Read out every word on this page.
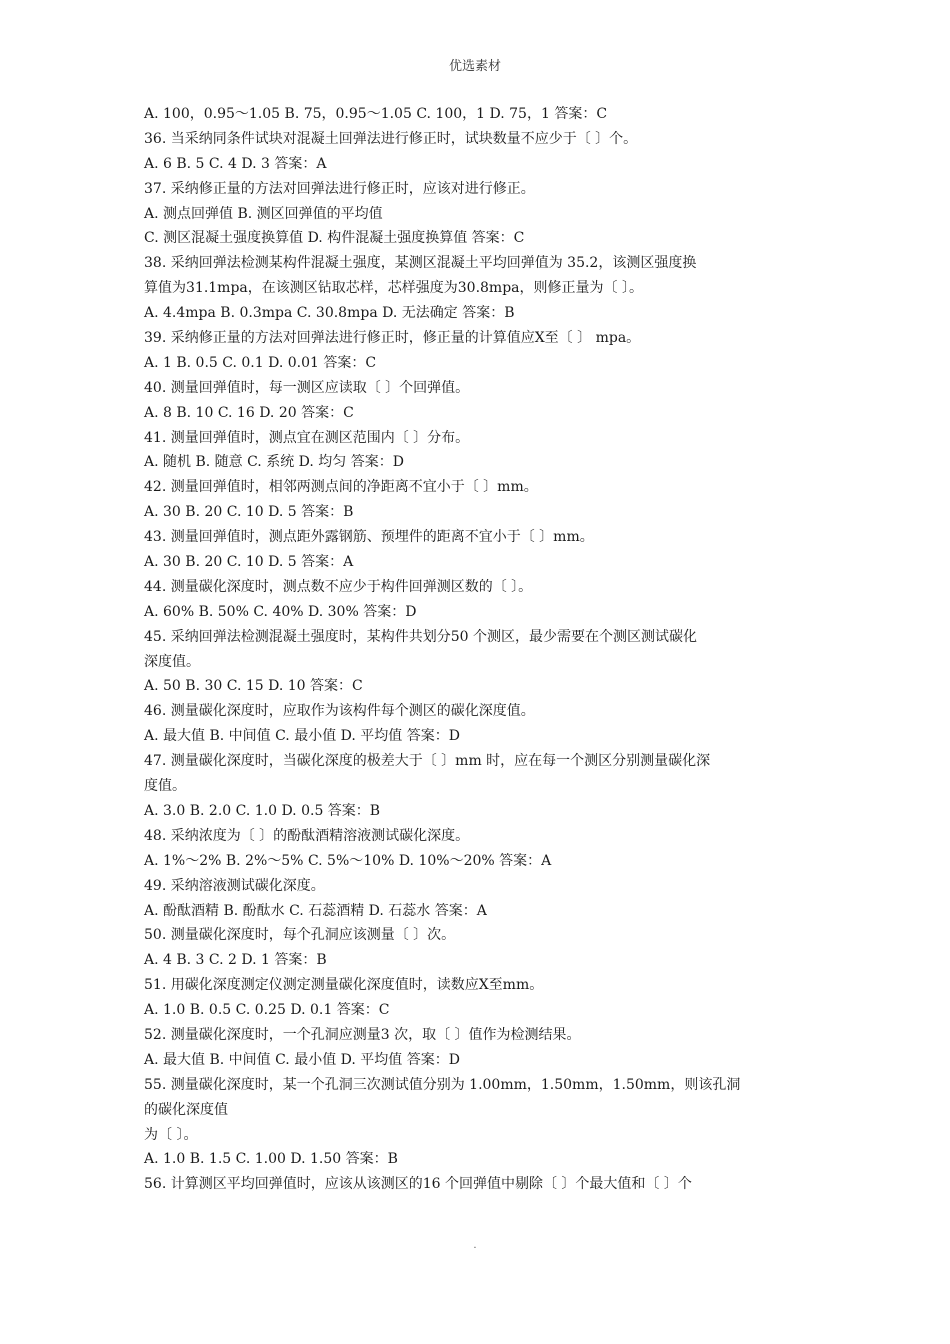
优选素材
A. 100，0.95～1.05 B. 75，0.95～1.05 C. 100，1 D. 75，1 答案：C
36. 当采纳同条件试块对混凝土回弹法进行修正时，试块数量不应少于〔 〕个。
A. 6 B. 5 C. 4 D. 3 答案：A
37. 采纳修正量的方法对回弹法进行修正时，应该对进行修正。
A. 测点回弹值 B. 测区回弹值的平均值
C. 测区混凝土强度换算值 D. 构件混凝土强度换算值 答案：C
38. 采纳回弹法检测某构件混凝土强度，某测区混凝土平均回弹值为 35.2，该测区强度换
算值为31.1mpa，在该测区钻取芯样，芯样强度为30.8mpa，则修正量为〔 〕。
A. 4.4mpa B. 0.3mpa C. 30.8mpa D. 无法确定 答案：B
39. 采纳修正量的方法对回弹法进行修正时，修正量的计算值应X至〔 〕 mpa。
A. 1 B. 0.5 C. 0.1 D. 0.01 答案：C
40. 测量回弹值时，每一测区应读取〔 〕个回弹值。
A. 8 B. 10 C. 16 D. 20 答案：C
41. 测量回弹值时，测点宜在测区范围内〔 〕分布。
A. 随机 B. 随意 C. 系统 D. 均匀 答案：D
42. 测量回弹值时，相邻两测点间的净距离不宜小于〔 〕mm。
A. 30 B. 20 C. 10 D. 5 答案：B
43. 测量回弹值时，测点距外露钢筋、预埋件的距离不宜小于〔 〕mm。
A. 30 B. 20 C. 10 D. 5 答案：A
44. 测量碳化深度时，测点数不应少于构件回弹测区数的〔 〕。
A. 60% B. 50% C. 40% D. 30% 答案：D
45. 采纳回弹法检测混凝土强度时，某构件共划分50 个测区，最少需要在个测区测试碳化
深度值。
A. 50 B. 30 C. 15 D. 10 答案：C
46. 测量碳化深度时，应取作为该构件每个测区的碳化深度值。
A. 最大值 B. 中间值 C. 最小值 D. 平均值 答案：D
47. 测量碳化深度时，当碳化深度的极差大于〔 〕mm 时，应在每一个测区分别测量碳化深
度值。
A. 3.0 B. 2.0 C. 1.0 D. 0.5 答案：B
48. 采纳浓度为〔 〕的酚酞酒精溶液测试碳化深度。
A. 1%～2% B. 2%～5% C. 5%～10% D. 10%～20% 答案：A
49. 采纳溶液测试碳化深度。
A. 酚酞酒精 B. 酚酞水 C. 石蕊酒精 D. 石蕊水 答案：A
50. 测量碳化深度时，每个孔洞应该测量〔 〕次。
A. 4 B. 3 C. 2 D. 1 答案：B
51. 用碳化深度测定仪测定测量碳化深度值时，读数应X至mm。
A. 1.0 B. 0.5 C. 0.25 D. 0.1 答案：C
52. 测量碳化深度时，一个孔洞应测量3 次，取〔 〕值作为检测结果。
A. 最大值 B. 中间值 C. 最小值 D. 平均值 答案：D
55. 测量碳化深度时，某一个孔洞三次测试值分别为 1.00mm，1.50mm，1.50mm，则该孔洞
的碳化深度值
为〔 〕。
A. 1.0 B. 1.5 C. 1.00 D. 1.50 答案：B
56. 计算测区平均回弹值时，应该从该测区的16 个回弹值中剔除〔 〕个最大值和〔 〕个
.
